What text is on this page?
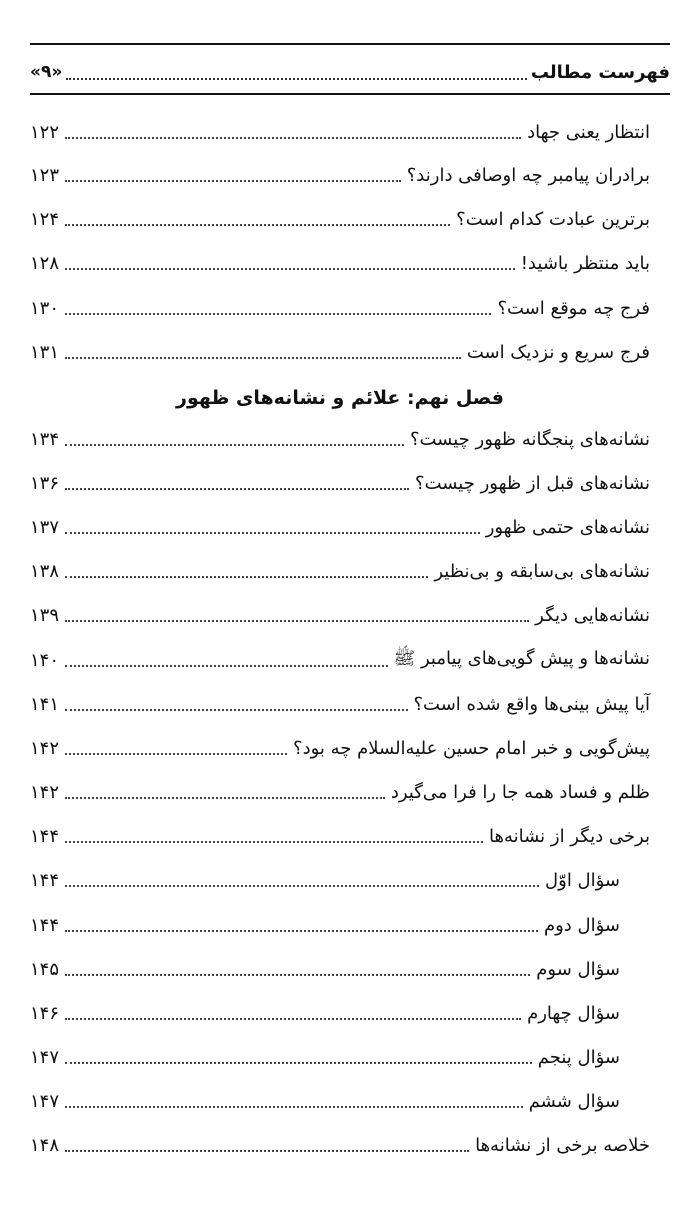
فهرست مطالب
«۹»
انتظار یعنی جهاد
۱۲۲
برادران پیامبر چه اوصافی دارند؟
۱۲۳
برترین عبادت کدام است؟
۱۲۴
باید منتظر باشید!
۱۲۸
فرج چه موقع است؟
۱۳۰
فرج سریع و نزدیک است
۱۳۱
فصل نهم: علائم و نشانه‌های ظهور
نشانه‌های پنجگانه ظهور چیست؟
۱۳۴
نشانه‌های قبل از ظهور چیست؟
۱۳۶
نشانه‌های حتمی ظهور
۱۳۷
نشانه‌های بی‌سابقه و بی‌نظیر
۱۳۸
نشانه‌هایی دیگر
۱۳۹
نشانه‌ها و پیش گویی‌های پیامبر ﷺ
۱۴۰
آیا پیش بینی‌ها واقع شده است؟
۱۴۱
پیش‌گویی و خبر امام حسین علیه‌السلام چه بود؟
۱۴۲
ظلم و فساد همه جا را فرا می‌گیرد
۱۴۲
برخی دیگر از نشانه‌ها
۱۴۴
سؤال اوّل
۱۴۴
سؤال دوم
۱۴۴
سؤال سوم
۱۴۵
سؤال چهارم
۱۴۶
سؤال پنجم
۱۴۷
سؤال ششم
۱۴۷
خلاصه برخی از نشانه‌ها
۱۴۸
